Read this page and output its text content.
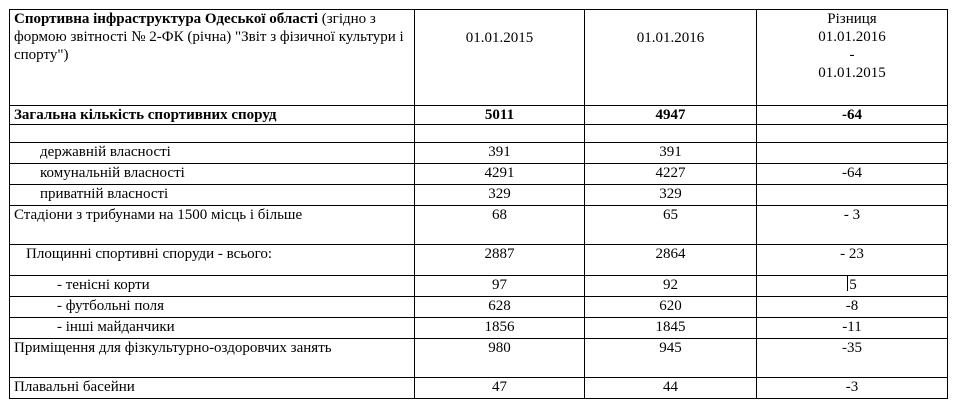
Спортивна інфраструктура Одеської області (згідно з формою звітності № 2-ФК (річна) "Звіт з фізичної культури і спорту")	01.01.2015	01.01.2016	Різниця
01.01.2016
-
01.01.2015

Загальна кількість спортивних споруд	5011	4947	-64

державній власності	391	391	
комунальній власності	4291	4227	-64
приватній власності	329	329	
Стадіони з трибунами на 1500 місць і більше	68	65	- 3
Площинні спортивні споруди - всього:	2887	2864	- 23
- тенісні корти	97	92	5
- футбольні поля	628	620	-8
- інші майданчики	1856	1845	-11
Приміщення для фізкультурно-оздоровчих занять	980	945	-35
Плавальні басейни	47	44	-3
